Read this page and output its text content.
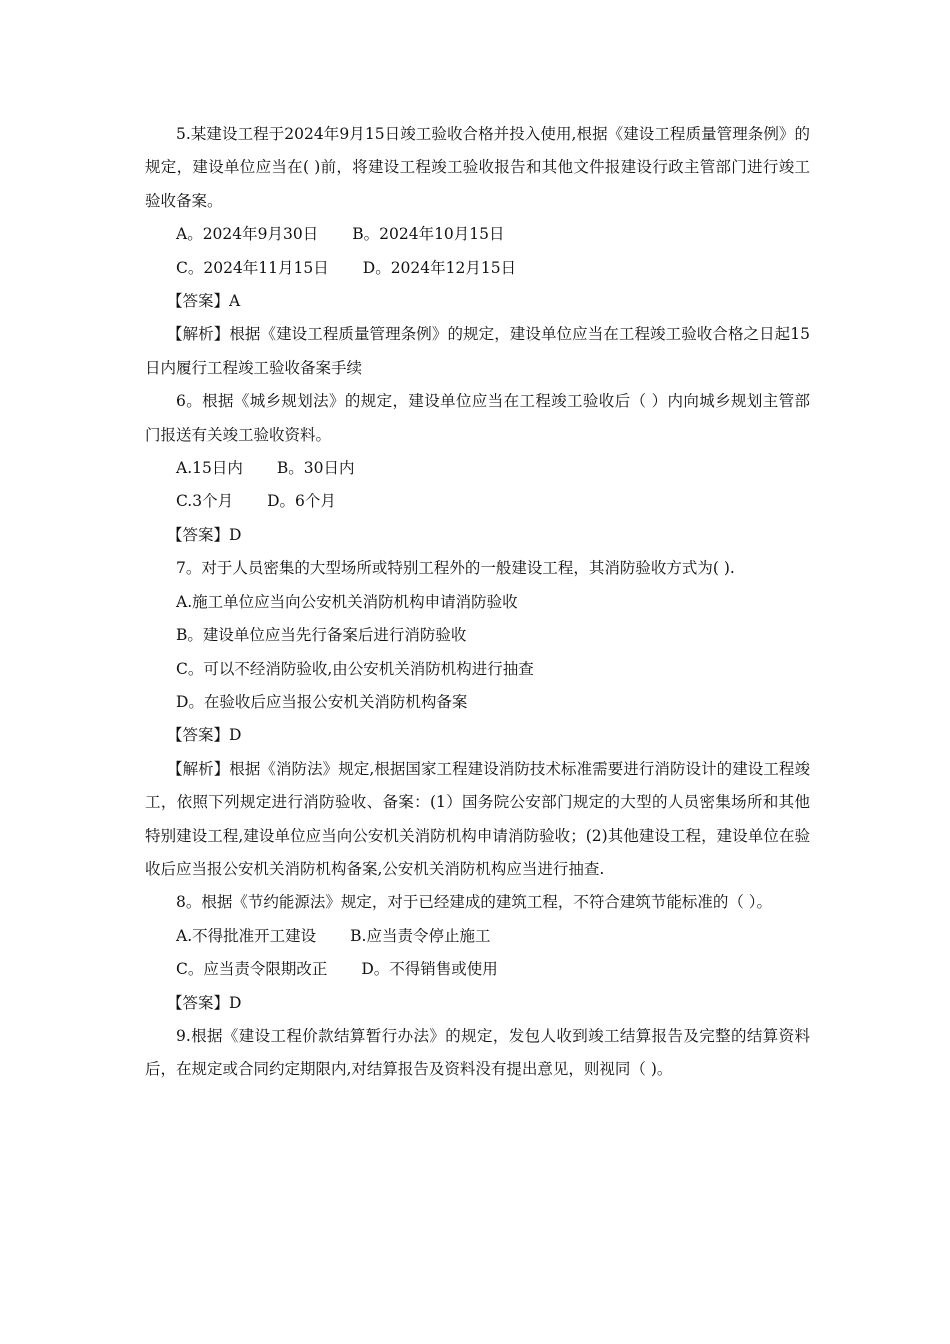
5.某建设工程于2024年9月15日竣工验收合格并投入使用,根据《建设工程质量管理条例》的规定，建设单位应当在( )前，将建设工程竣工验收报告和其他文件报建设行政主管部门进行竣工验收备案。

A。2024年9月30日 B。2024年10月15日
C。2024年11月15日 D。2024年12月15日

【答案】A

【解析】根据《建设工程质量管理条例》的规定，建设单位应当在工程竣工验收合格之日起15日内履行工程竣工验收备案手续

6。根据《城乡规划法》的规定，建设单位应当在工程竣工验收后（ ）内向城乡规划主管部门报送有关竣工验收资料。

A.15日内 B。30日内
C.3个月 D。6个月

【答案】D

7。对于人员密集的大型场所或特别工程外的一般建设工程，其消防验收方式为( ).

A.施工单位应当向公安机关消防机构申请消防验收
B。建设单位应当先行备案后进行消防验收
C。可以不经消防验收,由公安机关消防机构进行抽查
D。在验收后应当报公安机关消防机构备案

【答案】D

【解析】根据《消防法》规定,根据国家工程建设消防技术标准需要进行消防设计的建设工程竣工，依照下列规定进行消防验收、备案：(1）国务院公安部门规定的大型的人员密集场所和其他特别建设工程,建设单位应当向公安机关消防机构申请消防验收；(2)其他建设工程，建设单位在验收后应当报公安机关消防机构备案,公安机关消防机构应当进行抽查.

8。根据《节约能源法》规定，对于已经建成的建筑工程，不符合建筑节能标准的（ ）。

A.不得批准开工建设 B.应当责令停止施工
C。应当责令限期改正 D。不得销售或使用

【答案】D

9.根据《建设工程价款结算暂行办法》的规定，发包人收到竣工结算报告及完整的结算资料后，在规定或合同约定期限内,对结算报告及资料没有提出意见，则视同（ )。
